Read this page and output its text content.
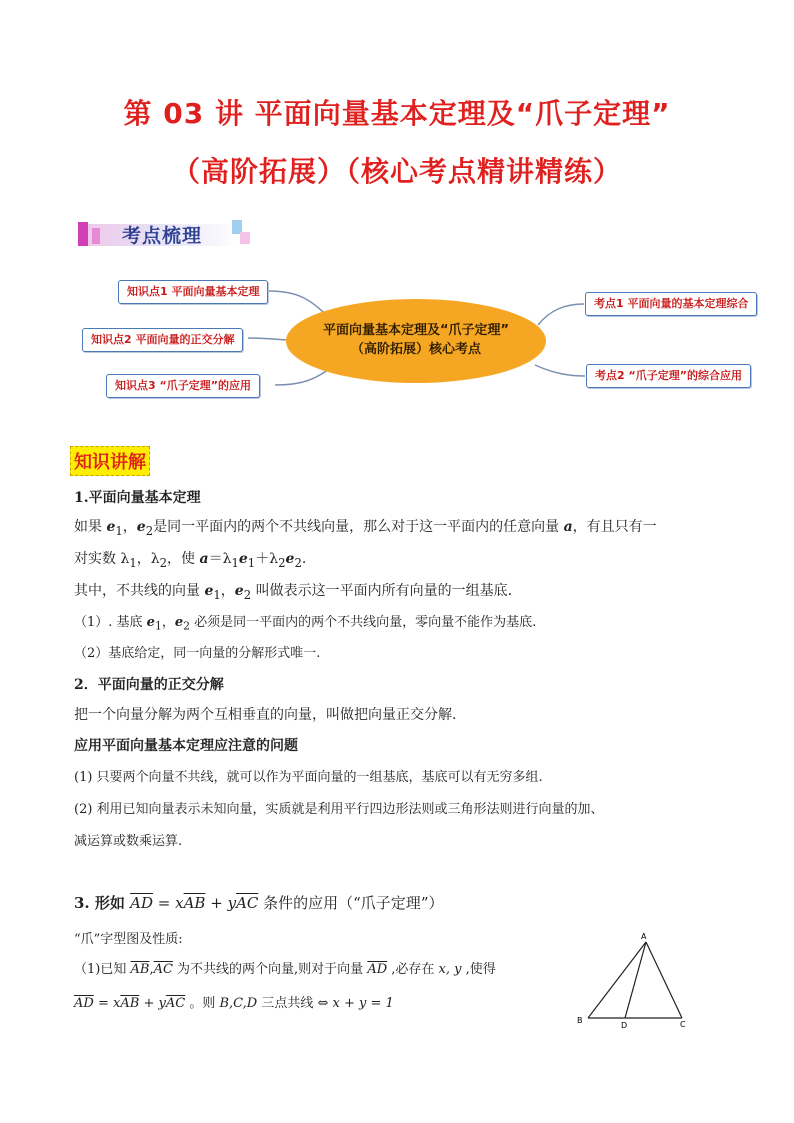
第 03 讲 平面向量基本定理及“爪子定理”
（高阶拓展）（核心考点精讲精练）
考点梳理
知识点1 平面向量基本定理
知识点2 平面向量的正交分解
知识点3 “爪子定理”的应用
考点1 平面向量的基本定理综合
考点2 “爪子定理”的综合应用
平面向量基本定理及“爪子定理”
（高阶拓展）核心考点
知识讲解
1.平面向量基本定理
如果 $e_1$，$e_2$是同一平面内的两个不共线向量，那么对于这一平面内的任意向量 a，有且只有一
对实数 $\lambda_1$，$\lambda_2$，使 $a=\lambda_1e_1+\lambda_2e_2$.
其中，不共线的向量 $e_1$，$e_2$ 叫做表示这一平面内所有向量的一组基底.
（1）. 基底 $e_1$，$e_2$ 必须是同一平面内的两个不共线向量，零向量不能作为基底.
（2）基底给定，同一向量的分解形式唯一.
2．平面向量的正交分解
把一个向量分解为两个互相垂直的向量，叫做把向量正交分解.
应用平面向量基本定理应注意的问题
(1) 只要两个向量不共线，就可以作为平面向量的一组基底，基底可以有无穷多组.
(2) 利用已知向量表示未知向量，实质就是利用平行四边形法则或三角形法则进行向量的加、
减运算或数乘运算.
3. 形如 $\overline{AD} = x\overline{AB} + y\overline{AC}$ 条件的应用（“爪子定理”）
“爪”字型图及性质:
（1)已知 $\overline{AB},\overline{AC}$ 为不共线的两个向量,则对于向量 $\overline{AD}$ ,必存在 x, y ,使得
$\overline{AD} = x\overline{AB} + y\overline{AC}$ 。则 B,C,D 三点共线 ⇔ x + y = 1
A
B
D	C
